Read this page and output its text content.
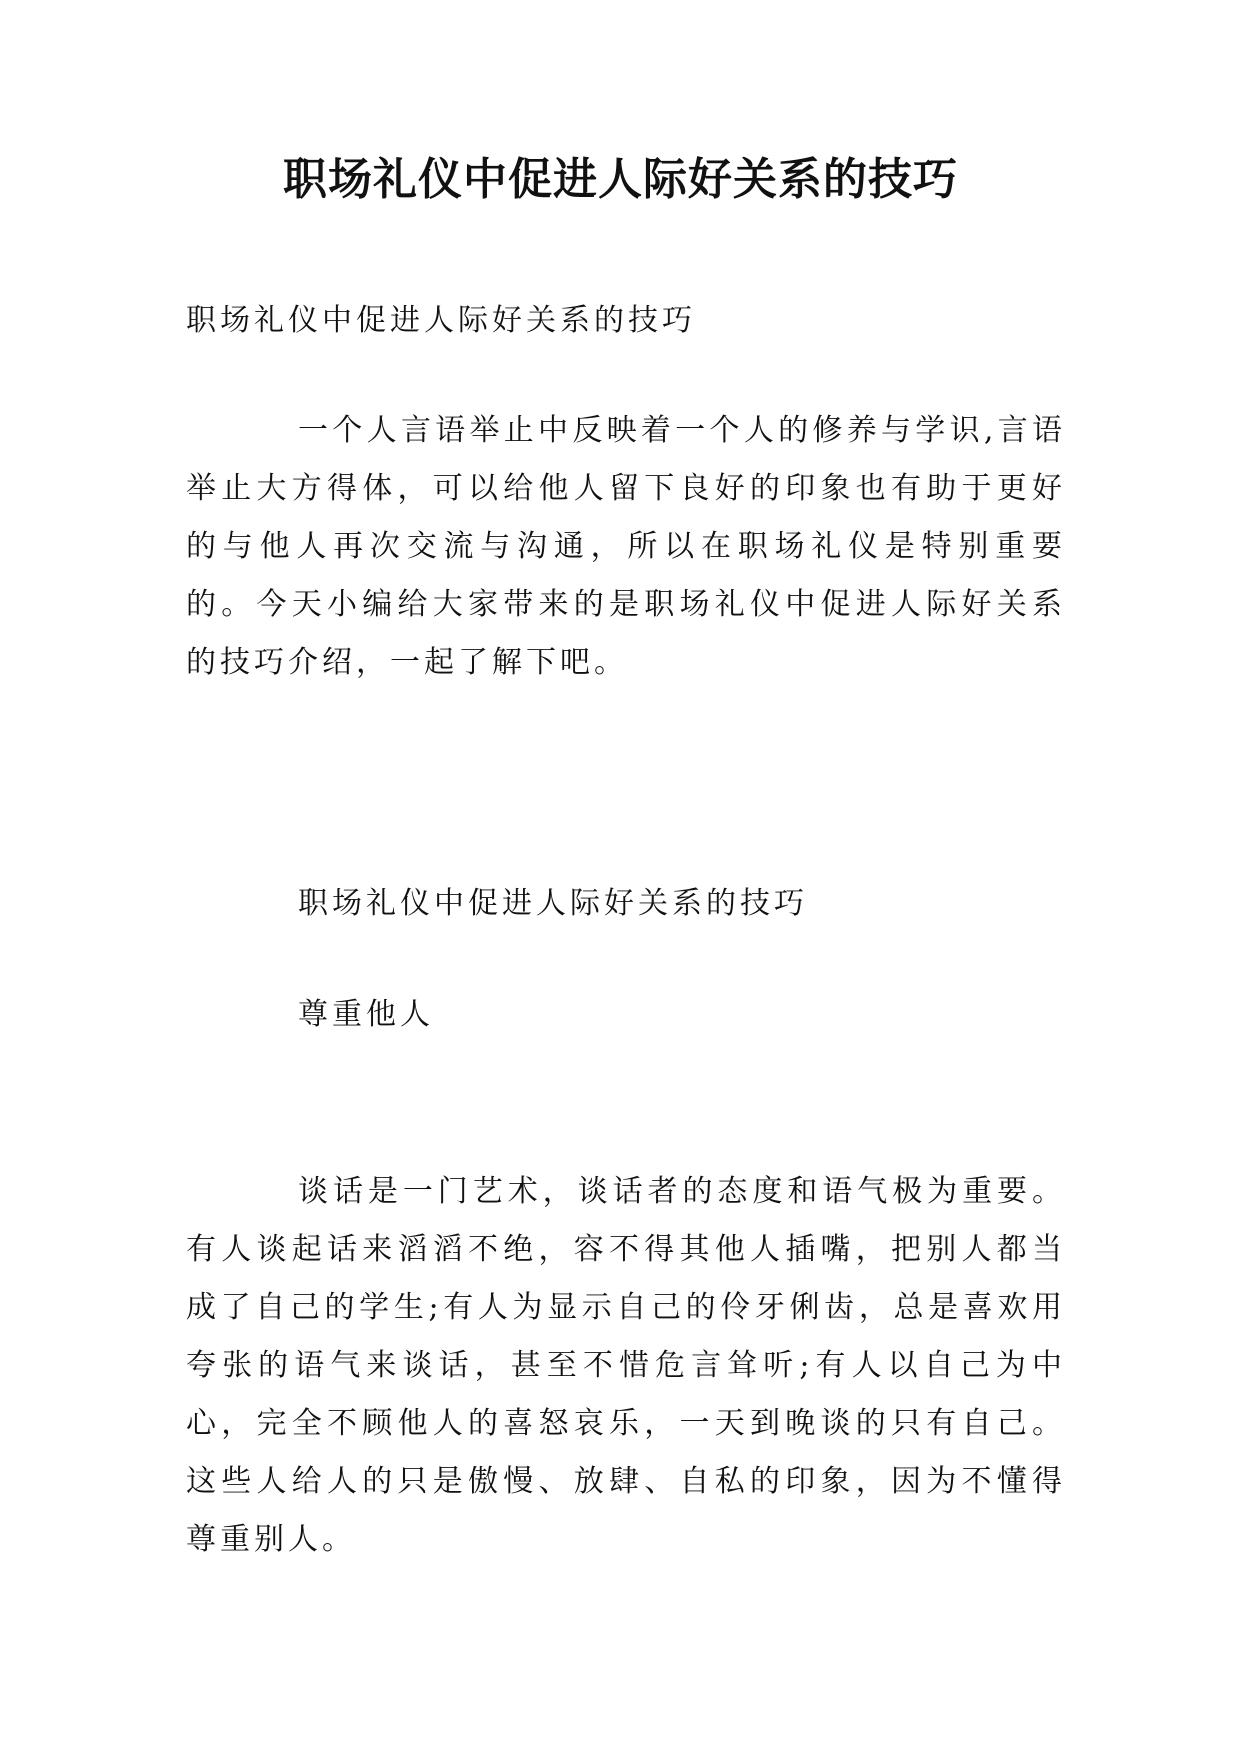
职场礼仪中促进人际好关系的技巧

职场礼仪中促进人际好关系的技巧

一个人言语举止中反映着一个人的修养与学识,言语举止大方得体，可以给他人留下良好的印象也有助于更好的与他人再次交流与沟通，所以在职场礼仪是特别重要的。今天小编给大家带来的是职场礼仪中促进人际好关系的技巧介绍，一起了解下吧。

职场礼仪中促进人际好关系的技巧

尊重他人

谈话是一门艺术，谈话者的态度和语气极为重要。有人谈起话来滔滔不绝，容不得其他人插嘴，把别人都当成了自己的学生;有人为显示自己的伶牙俐齿，总是喜欢用夸张的语气来谈话，甚至不惜危言耸听;有人以自己为中心，完全不顾他人的喜怒哀乐，一天到晚谈的只有自己。这些人给人的只是傲慢、放肆、自私的印象，因为不懂得尊重别人。
